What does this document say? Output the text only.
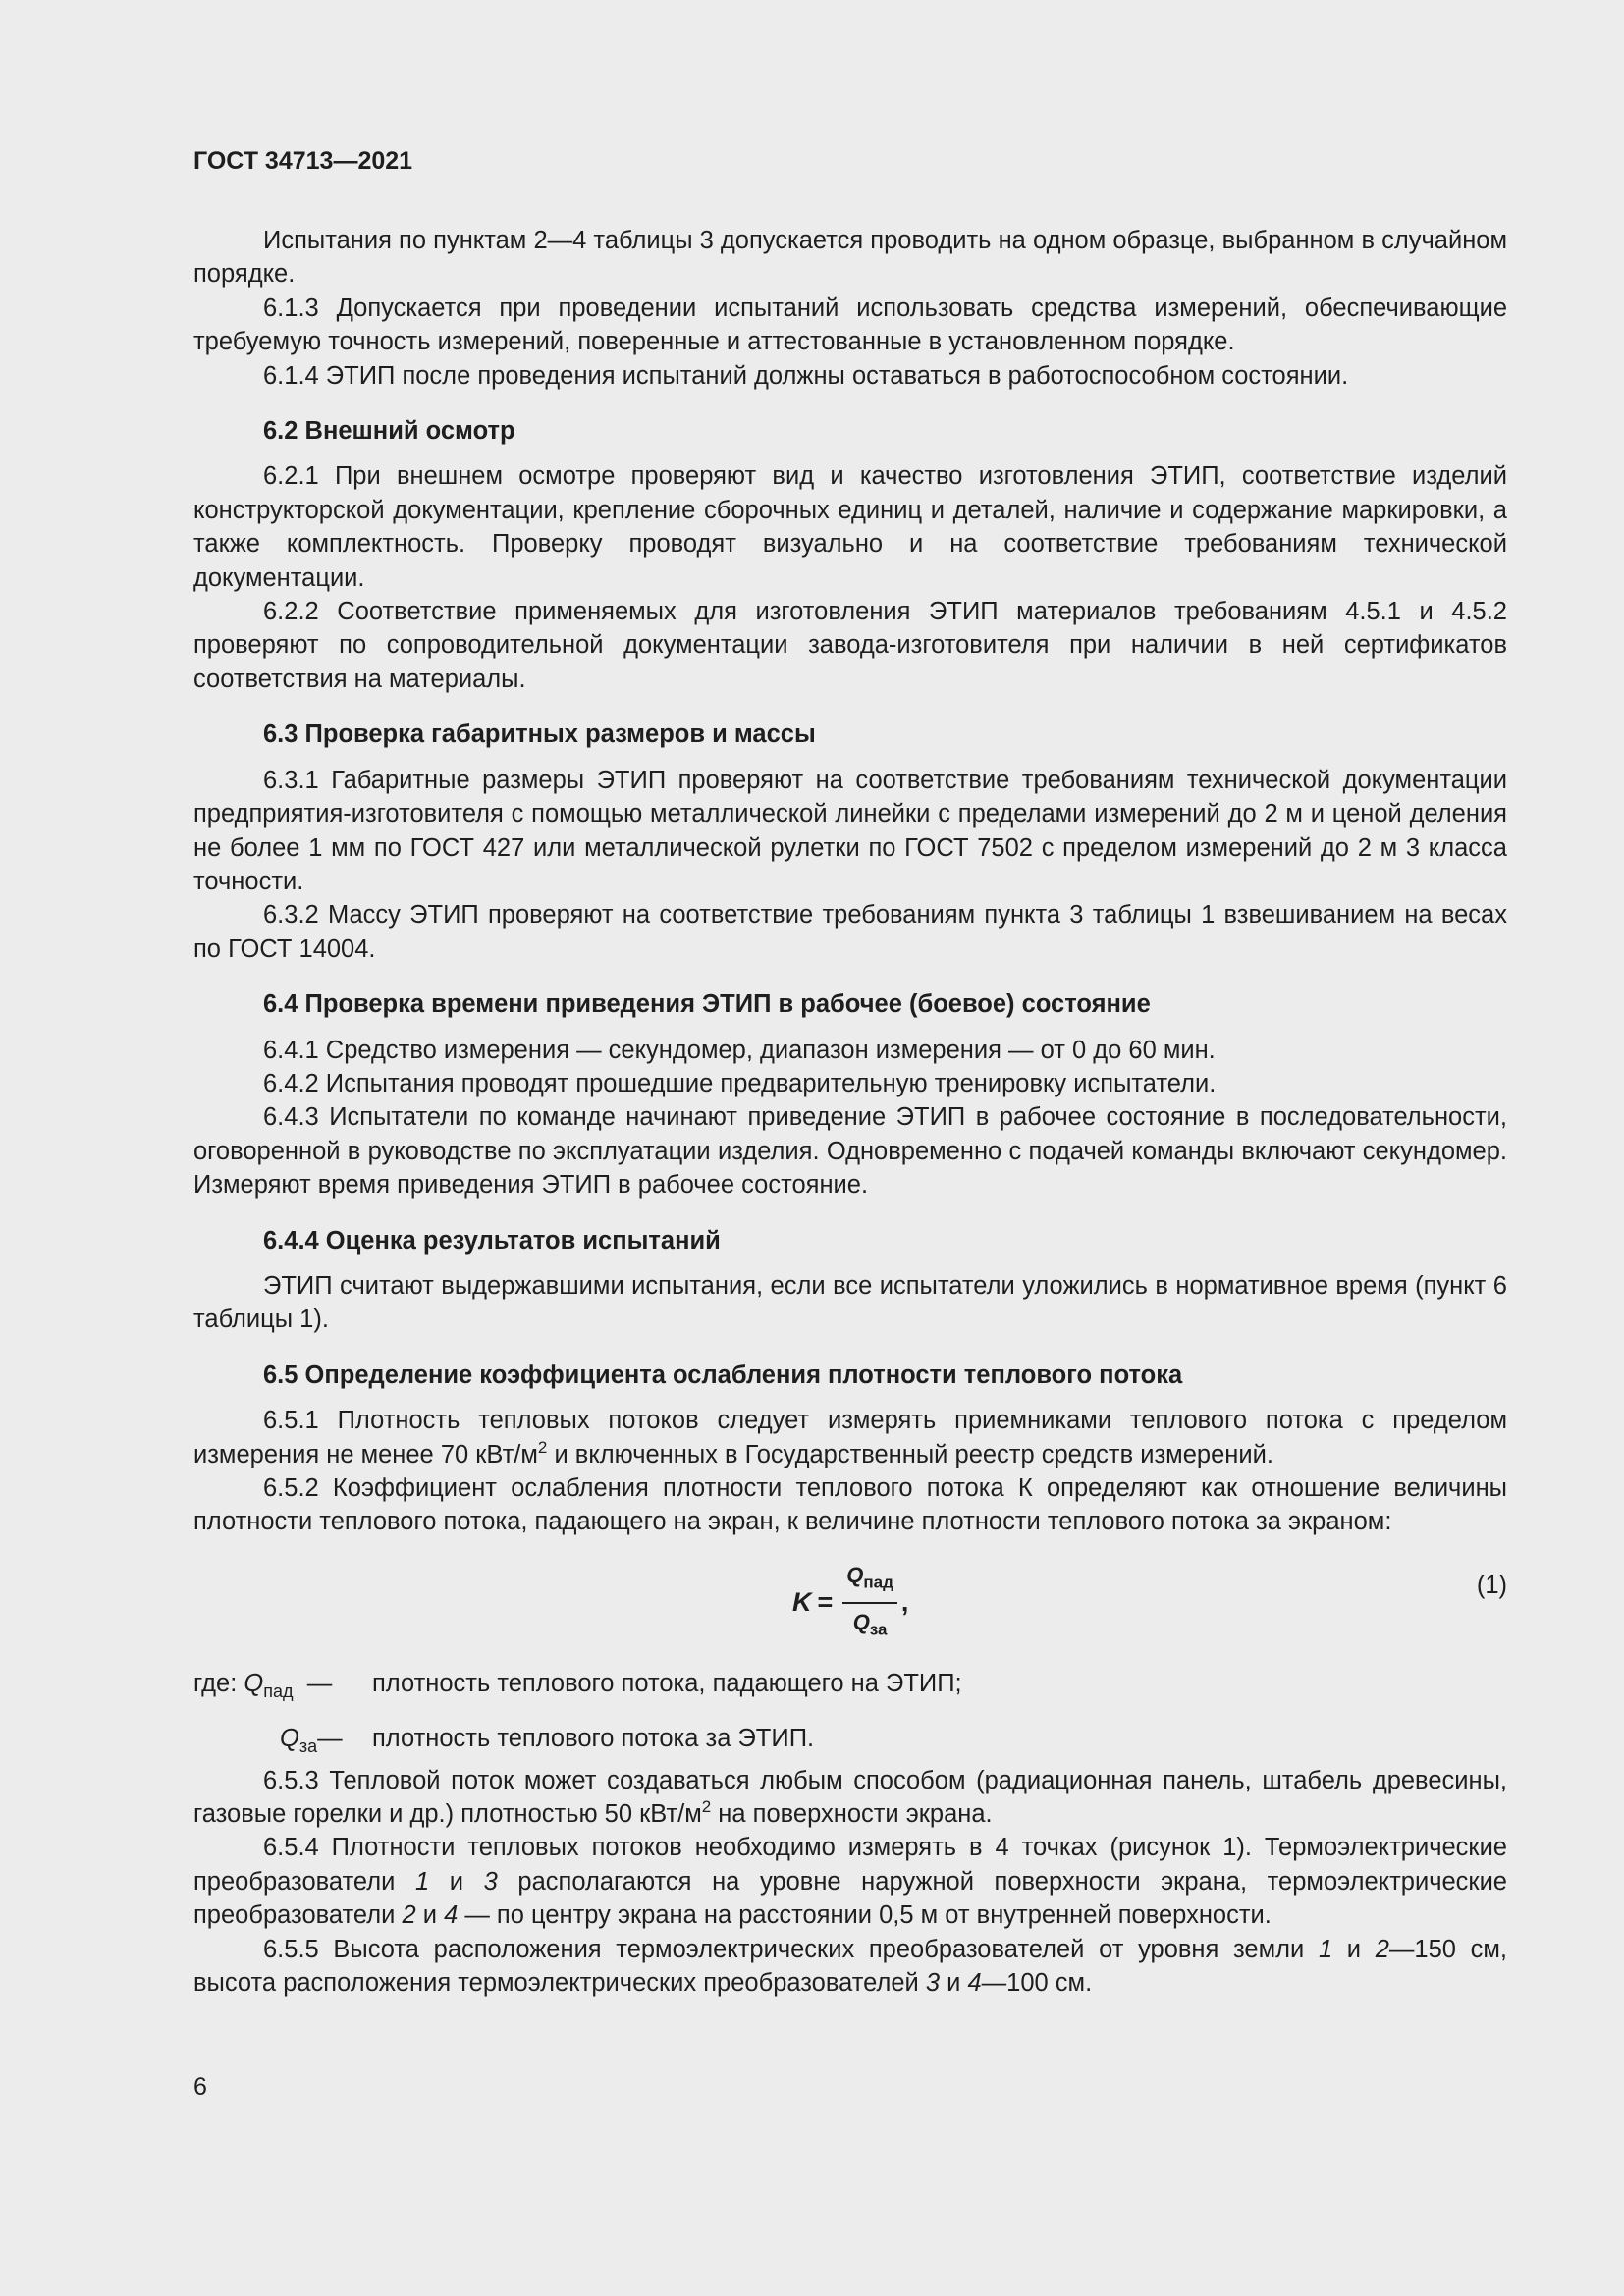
ГОСТ 34713—2021

Испытания по пунктам 2—4 таблицы 3 допускается проводить на одном образце, выбранном в случайном порядке.

6.1.3 Допускается при проведении испытаний использовать средства измерений, обеспечивающие требуемую точность измерений, поверенные и аттестованные в установленном порядке.

6.1.4 ЭТИП после проведения испытаний должны оставаться в работоспособном состоянии.

6.2 Внешний осмотр

6.2.1 При внешнем осмотре проверяют вид и качество изготовления ЭТИП, соответствие изделий конструкторской документации, крепление сборочных единиц и деталей, наличие и содержание маркировки, а также комплектность. Проверку проводят визуально и на соответствие требованиям технической документации.

6.2.2 Соответствие применяемых для изготовления ЭТИП материалов требованиям 4.5.1 и 4.5.2 проверяют по сопроводительной документации завода-изготовителя при наличии в ней сертификатов соответствия на материалы.

6.3 Проверка габаритных размеров и массы

6.3.1 Габаритные размеры ЭТИП проверяют на соответствие требованиям технической документации предприятия-изготовителя с помощью металлической линейки с пределами измерений до 2 м и ценой деления не более 1 мм по ГОСТ 427 или металлической рулетки по ГОСТ 7502 с пределом измерений до 2 м 3 класса точности.

6.3.2 Массу ЭТИП проверяют на соответствие требованиям пункта 3 таблицы 1 взвешиванием на весах по ГОСТ 14004.

6.4 Проверка времени приведения ЭТИП в рабочее (боевое) состояние

6.4.1 Средство измерения — секундомер, диапазон измерения — от 0 до 60 мин.

6.4.2 Испытания проводят прошедшие предварительную тренировку испытатели.

6.4.3 Испытатели по команде начинают приведение ЭТИП в рабочее состояние в последовательности, оговоренной в руководстве по эксплуатации изделия. Одновременно с подачей команды включают секундомер. Измеряют время приведения ЭТИП в рабочее состояние.

6.4.4 Оценка результатов испытаний

ЭТИП считают выдержавшими испытания, если все испытатели уложились в нормативное время (пункт 6 таблицы 1).

6.5 Определение коэффициента ослабления плотности теплового потока

6.5.1 Плотность тепловых потоков следует измерять приемниками теплового потока с пределом измерения не менее 70 кВт/$м^2$ и включенных в Государственный реестр средств измерений.

6.5.2 Коэффициент ослабления плотности теплового потока К определяют как отношение величины плотности теплового потока, падающего на экран, к величине плотности теплового потока за экраном:

$K = \frac{Q_{пад}}{Q_{за}}$ ,
(1)
где: $Q_{пад}$ —	плотность теплового потока, падающего на ЭТИП;
$Q_{за}—$	плотность теплового потока за ЭТИП.

6.5.3 Тепловой поток может создаваться любым способом (радиационная панель, штабель древесины, газовые горелки и др.) плотностью 50 кВт/$м^2$ на поверхности экрана.

6.5.4 Плотности тепловых потоков необходимо измерять в 4 точках (рисунок 1). Термоэлектрические преобразователи 1 и 3 располагаются на уровне наружной поверхности экрана, термоэлектрические преобразователи 2 и 4 — по центру экрана на расстоянии 0,5 м от внутренней поверхности.

6.5.5 Высота расположения термоэлектрических преобразователей от уровня земли 1 и 2—150 см, высота расположения термоэлектрических преобразователей 3 и 4—100 см.

6
